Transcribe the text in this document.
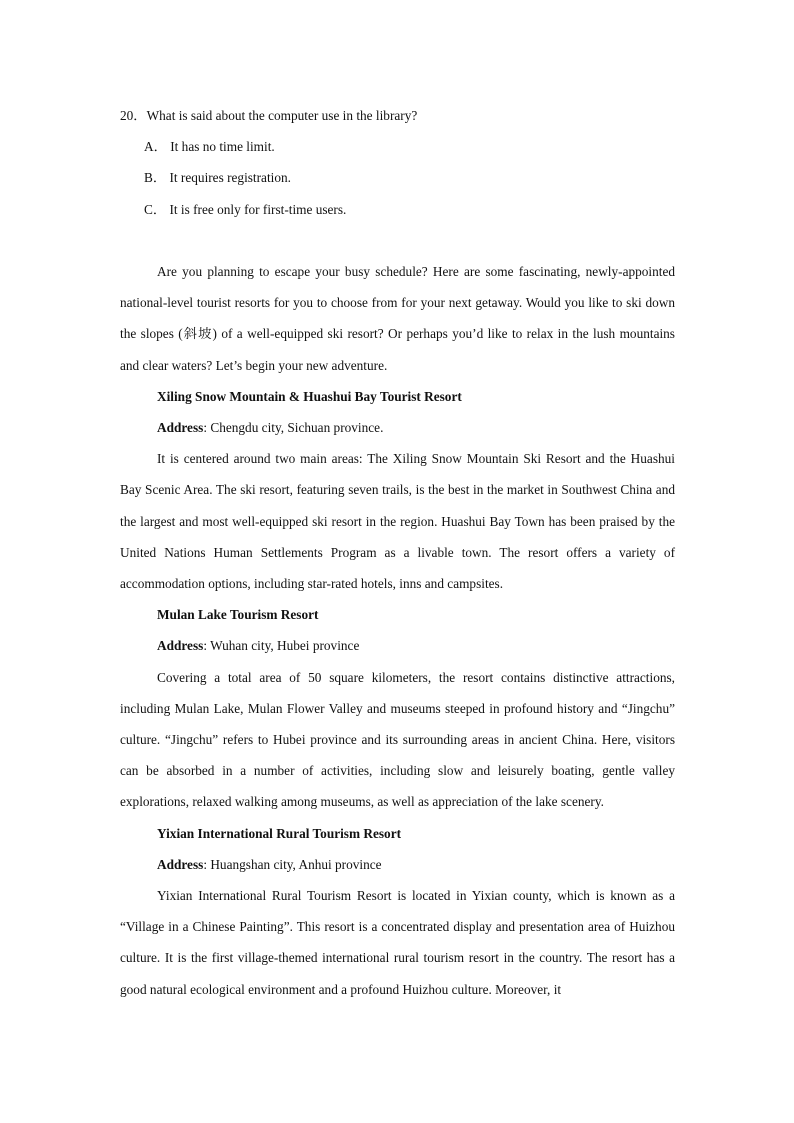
20．What is said about the computer use in the library?

A． It has no time limit.

B． It requires registration.

C． It is free only for first-time users.

Are you planning to escape your busy schedule? Here are some fascinating, newly-appointed national-level tourist resorts for you to choose from for your next getaway. Would you like to ski down the slopes (斜坡) of a well-equipped ski resort? Or perhaps you’d like to relax in the lush mountains and clear waters? Let’s begin your new adventure.

Xiling Snow Mountain & Huashui Bay Tourist Resort

Address: Chengdu city, Sichuan province.

It is centered around two main areas: The Xiling Snow Mountain Ski Resort and the Huashui Bay Scenic Area. The ski resort, featuring seven trails, is the best in the market in Southwest China and the largest and most well-equipped ski resort in the region. Huashui Bay Town has been praised by the United Nations Human Settlements Program as a livable town. The resort offers a variety of accommodation options, including star-rated hotels, inns and campsites.

Mulan Lake Tourism Resort

Address: Wuhan city, Hubei province

Covering a total area of 50 square kilometers, the resort contains distinctive attractions, including Mulan Lake, Mulan Flower Valley and museums steeped in profound history and “Jingchu” culture. “Jingchu” refers to Hubei province and its surrounding areas in ancient China. Here, visitors can be absorbed in a number of activities, including slow and leisurely boating, gentle valley explorations, relaxed walking among museums, as well as appreciation of the lake scenery.

Yixian International Rural Tourism Resort

Address: Huangshan city, Anhui province

Yixian International Rural Tourism Resort is located in Yixian county, which is known as a “Village in a Chinese Painting”. This resort is a concentrated display and presentation area of Huizhou culture. It is the first village-themed international rural tourism resort in the country. The resort has a good natural ecological environment and a profound Huizhou culture. Moreover, it
